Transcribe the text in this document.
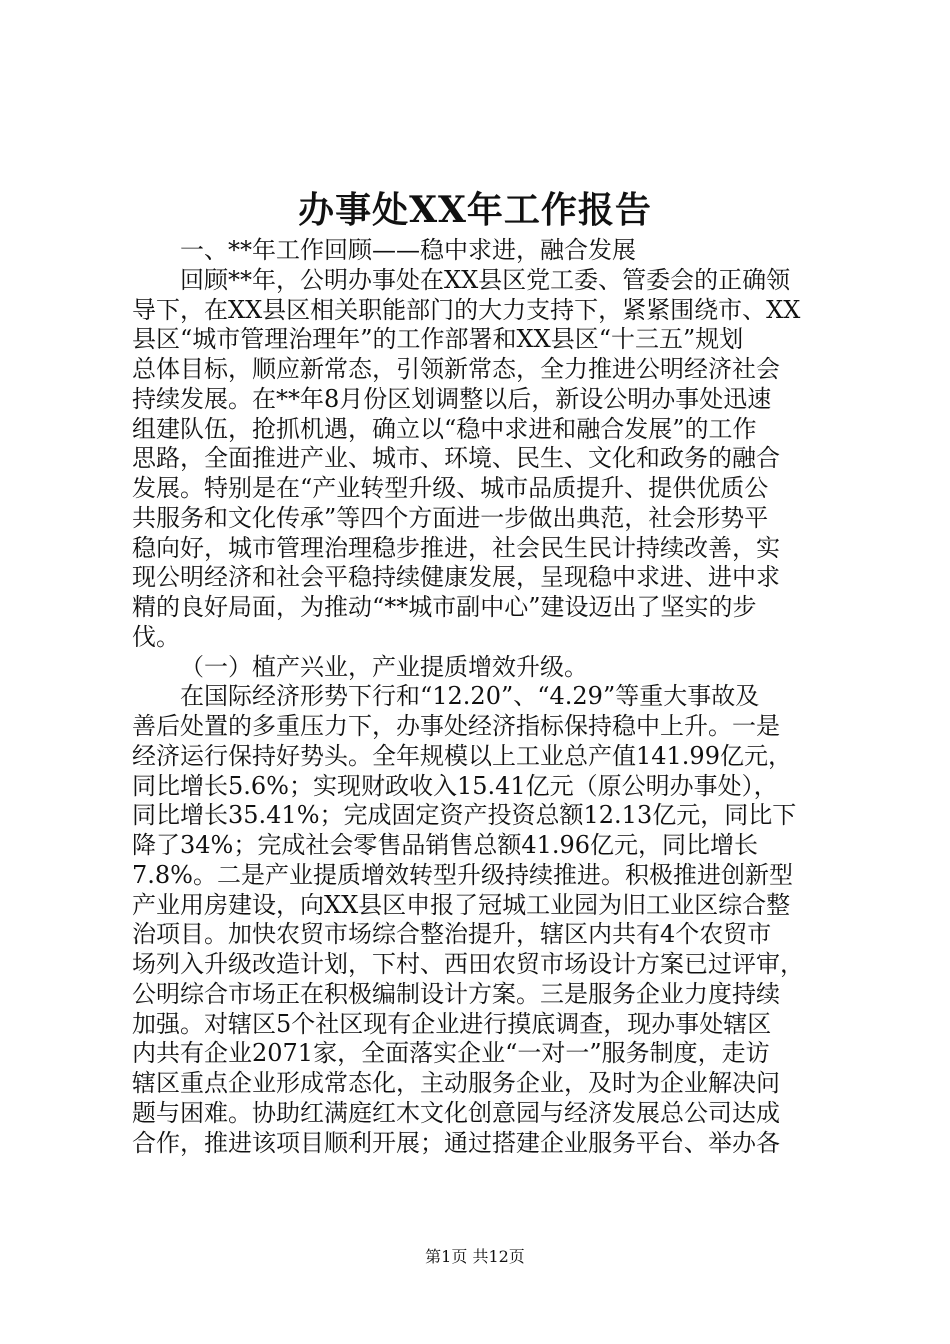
办事处XX年工作报告
一、**年工作回顾——稳中求进，融合发展
回顾**年，公明办事处在XX县区党工委、管委会的正确领
导下，在XX县区相关职能部门的大力支持下，紧紧围绕市、XX
县区“城市管理治理年”的工作部署和XX县区“十三五”规划
总体目标，顺应新常态，引领新常态，全力推进公明经济社会
持续发展。在**年8月份区划调整以后，新设公明办事处迅速
组建队伍，抢抓机遇，确立以“稳中求进和融合发展”的工作
思路，全面推进产业、城市、环境、民生、文化和政务的融合
发展。特别是在“产业转型升级、城市品质提升、提供优质公
共服务和文化传承”等四个方面进一步做出典范，社会形势平
稳向好，城市管理治理稳步推进，社会民生民计持续改善，实
现公明经济和社会平稳持续健康发展，呈现稳中求进、进中求
精的良好局面，为推动“**城市副中心”建设迈出了坚实的步
伐。
（一）植产兴业，产业提质增效升级。
在国际经济形势下行和“12.20”、“4.29”等重大事故及
善后处置的多重压力下，办事处经济指标保持稳中上升。一是
经济运行保持好势头。全年规模以上工业总产值141.99亿元，
同比增长5.6%；实现财政收入15.41亿元（原公明办事处），
同比增长35.41%；完成固定资产投资总额12.13亿元，同比下
降了34%；完成社会零售品销售总额41.96亿元，同比增长
7.8%。二是产业提质增效转型升级持续推进。积极推进创新型
产业用房建设，向XX县区申报了冠城工业园为旧工业区综合整
治项目。加快农贸市场综合整治提升，辖区内共有4个农贸市
场列入升级改造计划，下村、西田农贸市场设计方案已过评审，
公明综合市场正在积极编制设计方案。三是服务企业力度持续
加强。对辖区5个社区现有企业进行摸底调查，现办事处辖区
内共有企业2071家，全面落实企业“一对一”服务制度，走访
辖区重点企业形成常态化，主动服务企业，及时为企业解决问
题与困难。协助红满庭红木文化创意园与经济发展总公司达成
合作，推进该项目顺利开展；通过搭建企业服务平台、举办各
第1页 共12页
